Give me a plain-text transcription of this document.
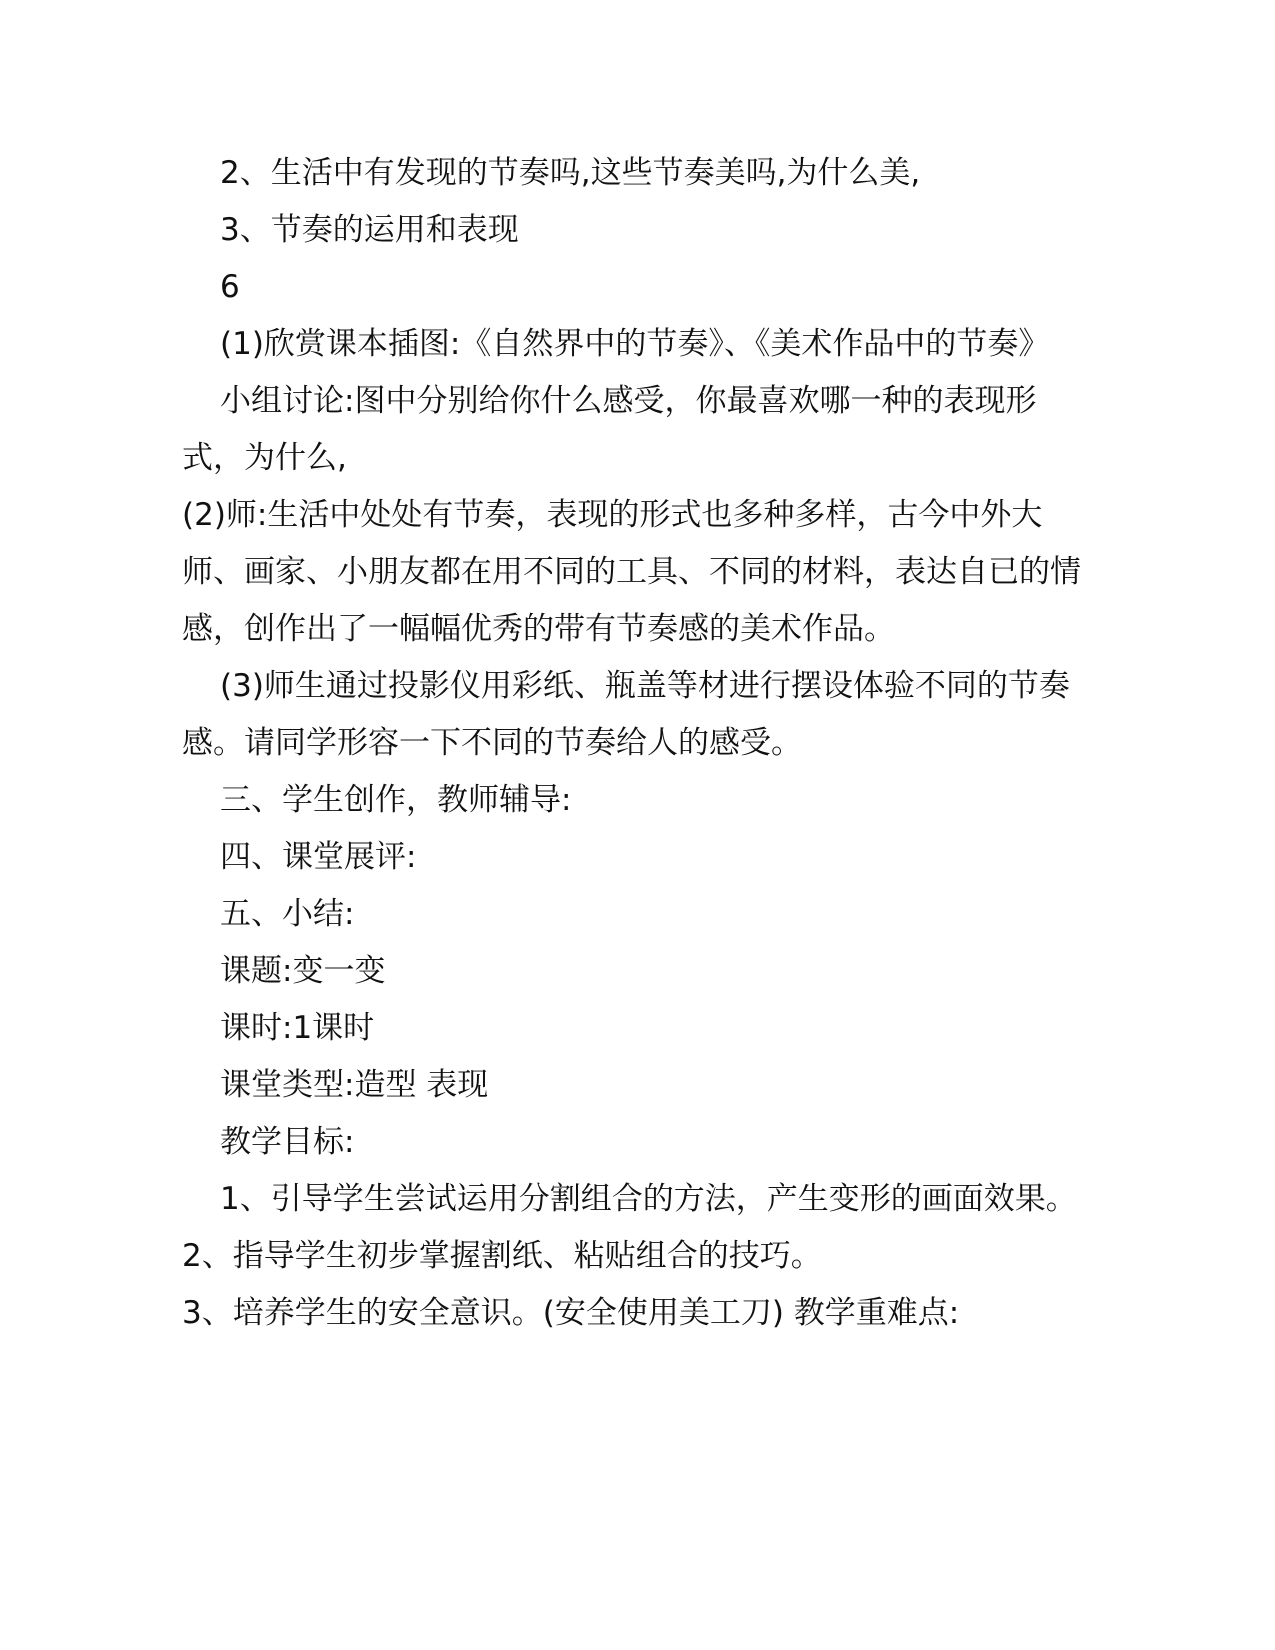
2、生活中有发现的节奏吗,这些节奏美吗,为什么美,

3、节奏的运用和表现

6

(1)欣赏课本插图:《自然界中的节奏》、《美术作品中的节奏》

小组讨论:图中分别给你什么感受，你最喜欢哪一种的表现形式，为什么,

(2)师:生活中处处有节奏，表现的形式也多种多样，古今中外大师、画家、小朋友都在用不同的工具、不同的材料，表达自已的情感，创作出了一幅幅优秀的带有节奏感的美术作品。

(3)师生通过投影仪用彩纸、瓶盖等材进行摆设体验不同的节奏感。请同学形容一下不同的节奏给人的感受。

三、学生创作，教师辅导:

四、课堂展评:

五、小结:

课题:变一变

课时:1课时

课堂类型:造型 表现

教学目标:

1、引导学生尝试运用分割组合的方法，产生变形的画面效果。 2、指导学生初步掌握割纸、粘贴组合的技巧。

3、培养学生的安全意识。(安全使用美工刀) 教学重难点:
